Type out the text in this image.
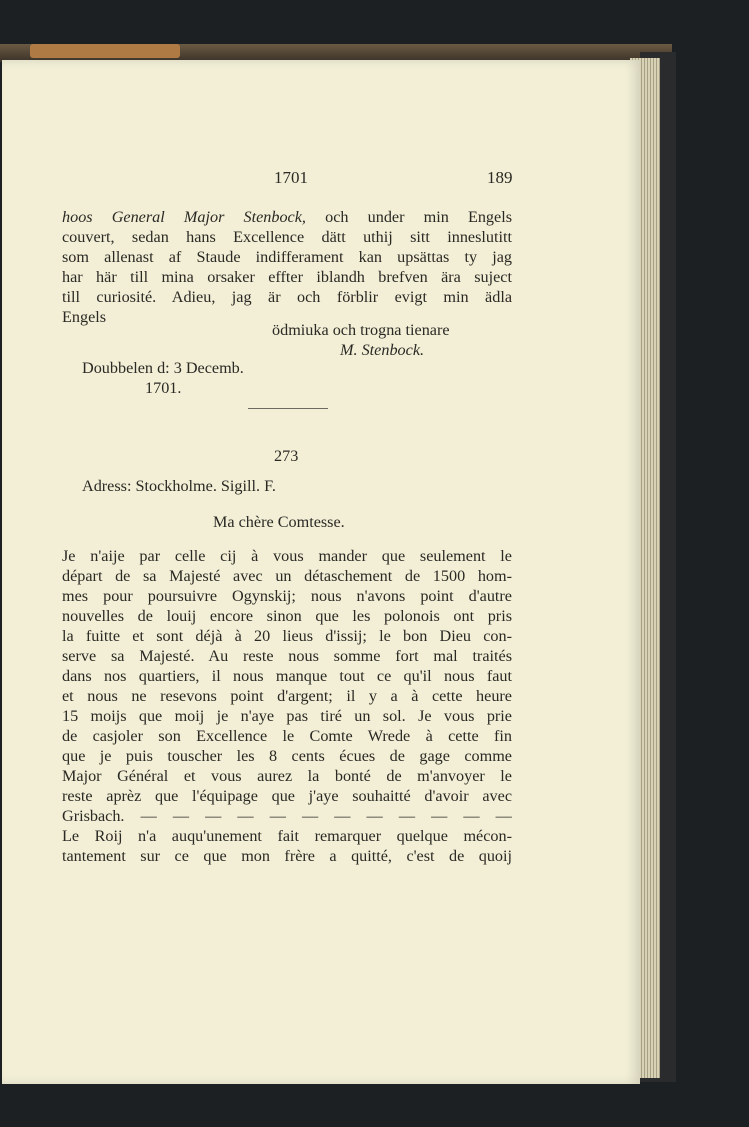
1701	189
hoos General Major Stenbock, och under min Engels
couvert, sedan hans Excellence dätt uthij sitt inneslutitt
som allenast af Staude indifferament kan upsättas ty jag
har här till mina orsaker effter iblandh brefven ära suject
till curiosité. Adieu, jag är och förblir evigt min ädla
Engels
ödmiuka och trogna tienare
M. Stenbock.
Doubbelen d: 3 Decemb.
1701.
273
Adress: Stockholme. Sigill. F.
Ma chère Comtesse.
Je n'aije par celle cij à vous mander que seulement le
départ de sa Majesté avec un détaschement de 1500 hom-
mes pour poursuivre Ogynskij; nous n'avons point d'autre
nouvelles de louij encore sinon que les polonois ont pris
la fuitte et sont déjà à 20 lieus d'issij; le bon Dieu con-
serve sa Majesté. Au reste nous somme fort mal traités
dans nos quartiers, il nous manque tout ce qu'il nous faut
et nous ne resevons point d'argent; il y a à cette heure
15 moijs que moij je n'aye pas tiré un sol. Je vous prie
de casjoler son Excellence le Comte Wrede à cette fin
que je puis touscher les 8 cents écues de gage comme
Major Général et vous aurez la bonté de m'anvoyer le
reste aprèz que l'équipage que j'aye souhaitté d'avoir avec
Grisbach. — — — — — — — — — — — —
Le Roij n'a auqu'unement fait remarquer quelque mécon-
tantement sur ce que mon frère a quitté, c'est de quoij
